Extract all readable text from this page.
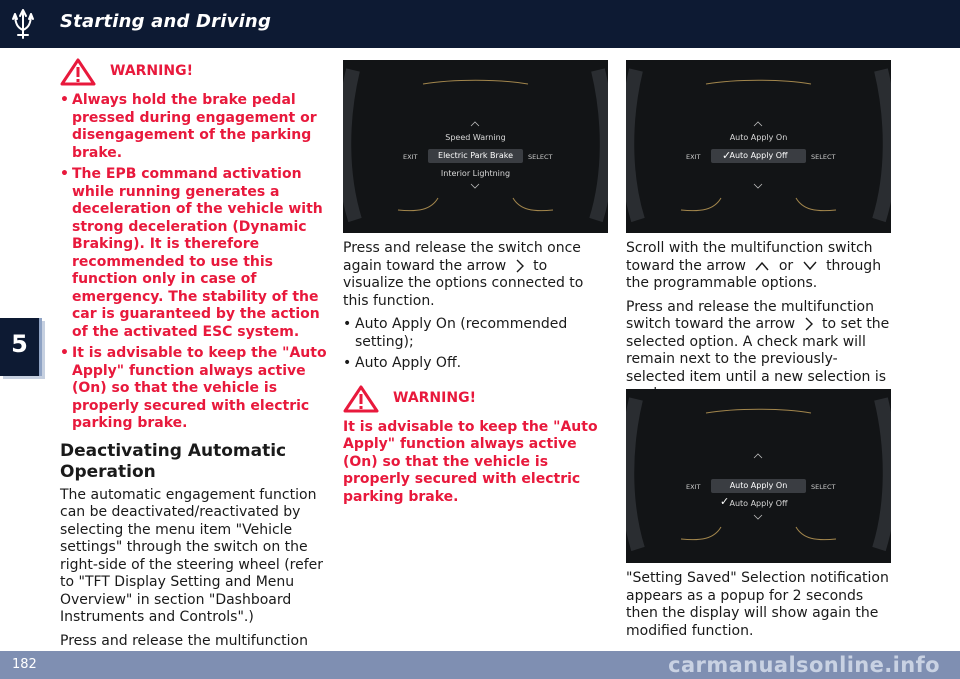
Starting and Driving
5
WARNING!
• Always hold the brake pedal pressed during engagement or disengagement of the parking brake.
• The EPB command activation while running generates a deceleration of the vehicle with strong deceleration (Dynamic Braking). It is therefore recommended to use this function only in case of emergency. The stability of the car is guaranteed by the action of the activated ESC system.
• It is advisable to keep the "Auto Apply" function always active (On) so that the vehicle is properly secured with electric parking brake.
Deactivating Automatic Operation
The automatic engagement function can be deactivated/reactivated by selecting the menu item "Vehicle settings" through the switch on the right-side of the steering wheel (refer to "TFT Display Setting and Menu Overview" in section "Dashboard Instruments and Controls".)
Press and release the multifunction
Speed Warning
Electric Park Brake
Interior Lightning
EXIT	SELECT
Press and release the switch once again toward the arrow to visualize the options connected to this function.
• Auto Apply On (recommended setting);
• Auto Apply Off.
WARNING!
It is advisable to keep the "Auto Apply" function always active (On) so that the vehicle is properly secured with electric parking brake.
Auto Apply On
Auto Apply Off
✓
EXIT	SELECT
Scroll with the multifunction switch toward the arrow or through the programmable options.
Press and release the multifunction switch toward the arrow to set the selected option. A check mark will remain next to the previously-selected item until a new selection is
Auto Apply On
Auto Apply Off
✓
EXIT	SELECT
"Setting Saved" Selection notification appears as a popup for 2 seconds then the display will show again the modified function.
182	carmanualsonline.info
